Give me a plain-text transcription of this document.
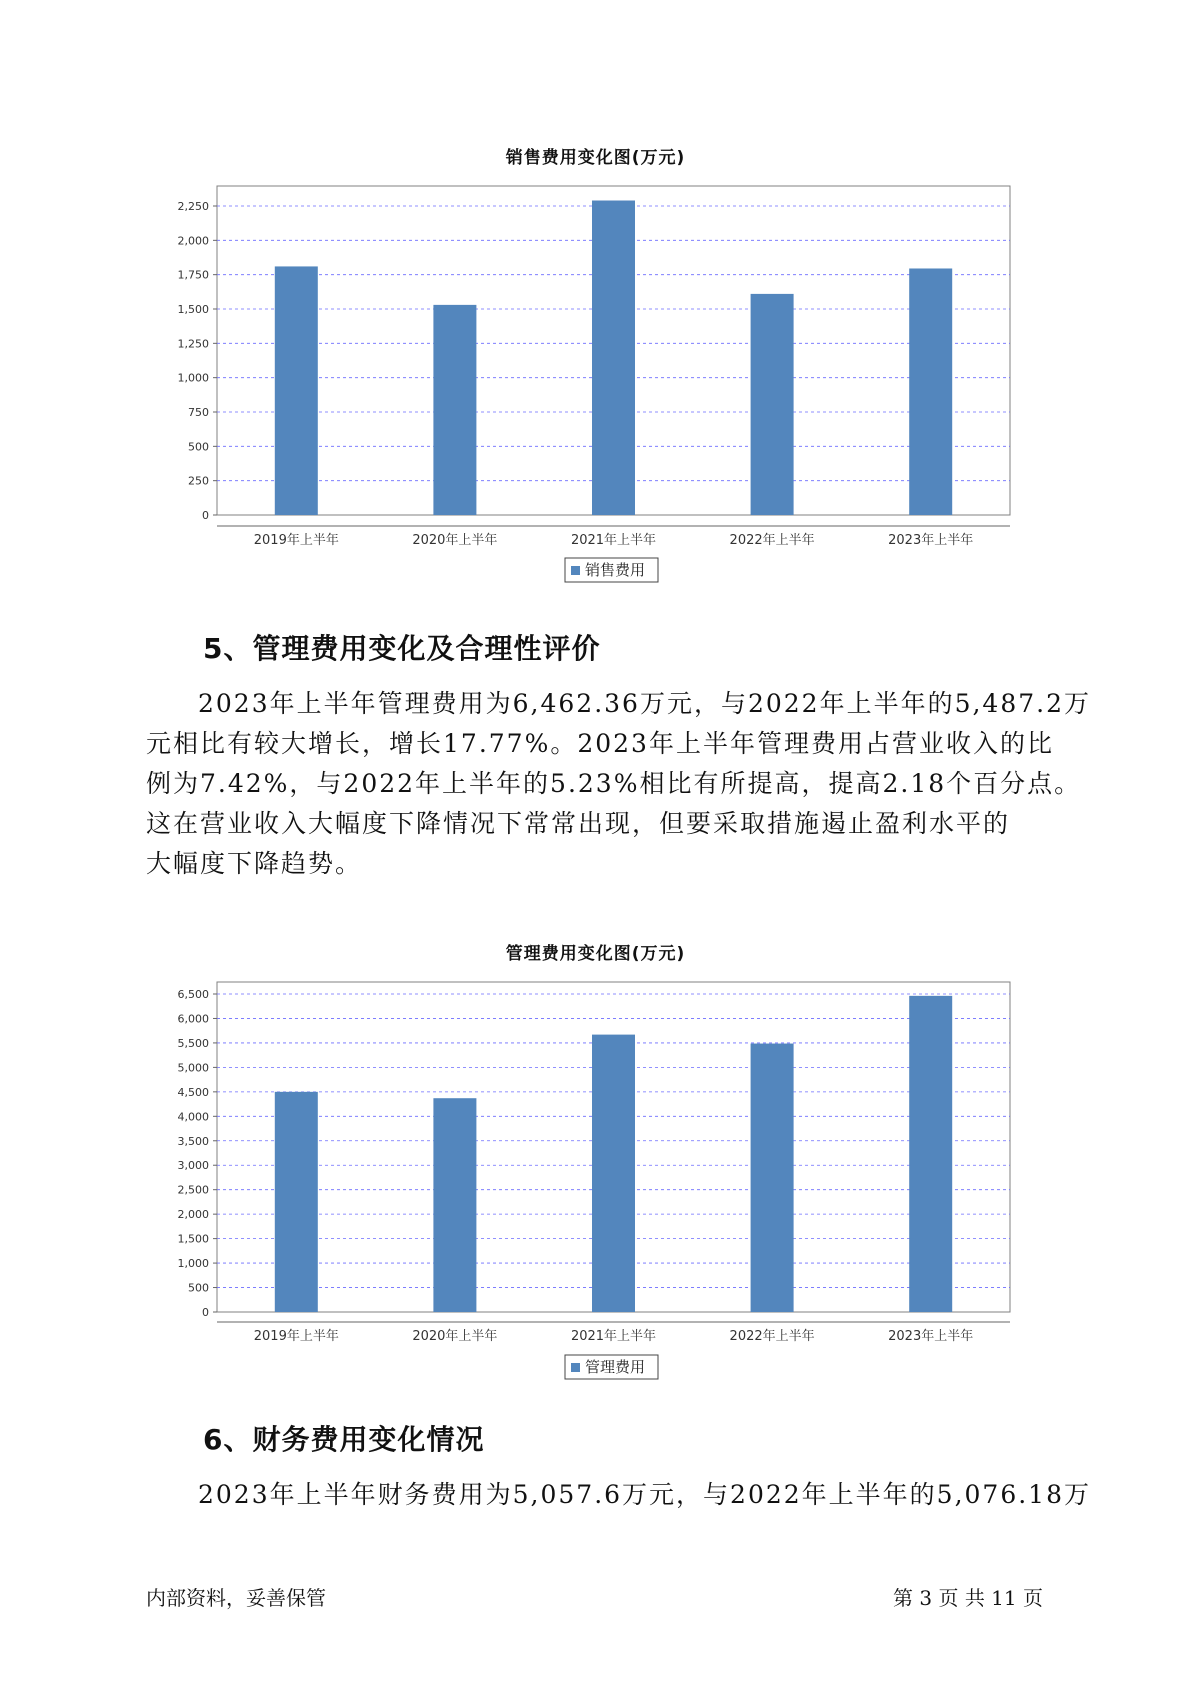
销售费用变化图(万元)
0
250
500
750
1,000
1,250
1,500
1,750
2,000
2,250
2019年上半年	2020年上半年	2021年上半年	2022年上半年	2023年上半年
销售费用
5、管理费用变化及合理性评价
2023年上半年管理费用为6,462.36万元，与2022年上半年的5,487.2万
元相比有较大增长，增长17.77%。2023年上半年管理费用占营业收入的比
例为7.42%，与2022年上半年的5.23%相比有所提高，提高2.18个百分点。
这在营业收入大幅度下降情况下常常出现，但要采取措施遏止盈利水平的
大幅度下降趋势。
管理费用变化图(万元)
0
500
1,000
1,500
2,000
2,500
3,000
3,500
4,000
4,500
5,000
5,500
6,000
6,500
2019年上半年	2020年上半年	2021年上半年	2022年上半年	2023年上半年
管理费用
6、财务费用变化情况
2023年上半年财务费用为5,057.6万元，与2022年上半年的5,076.18万
内部资料，妥善保管	第 3 页 共 11 页
